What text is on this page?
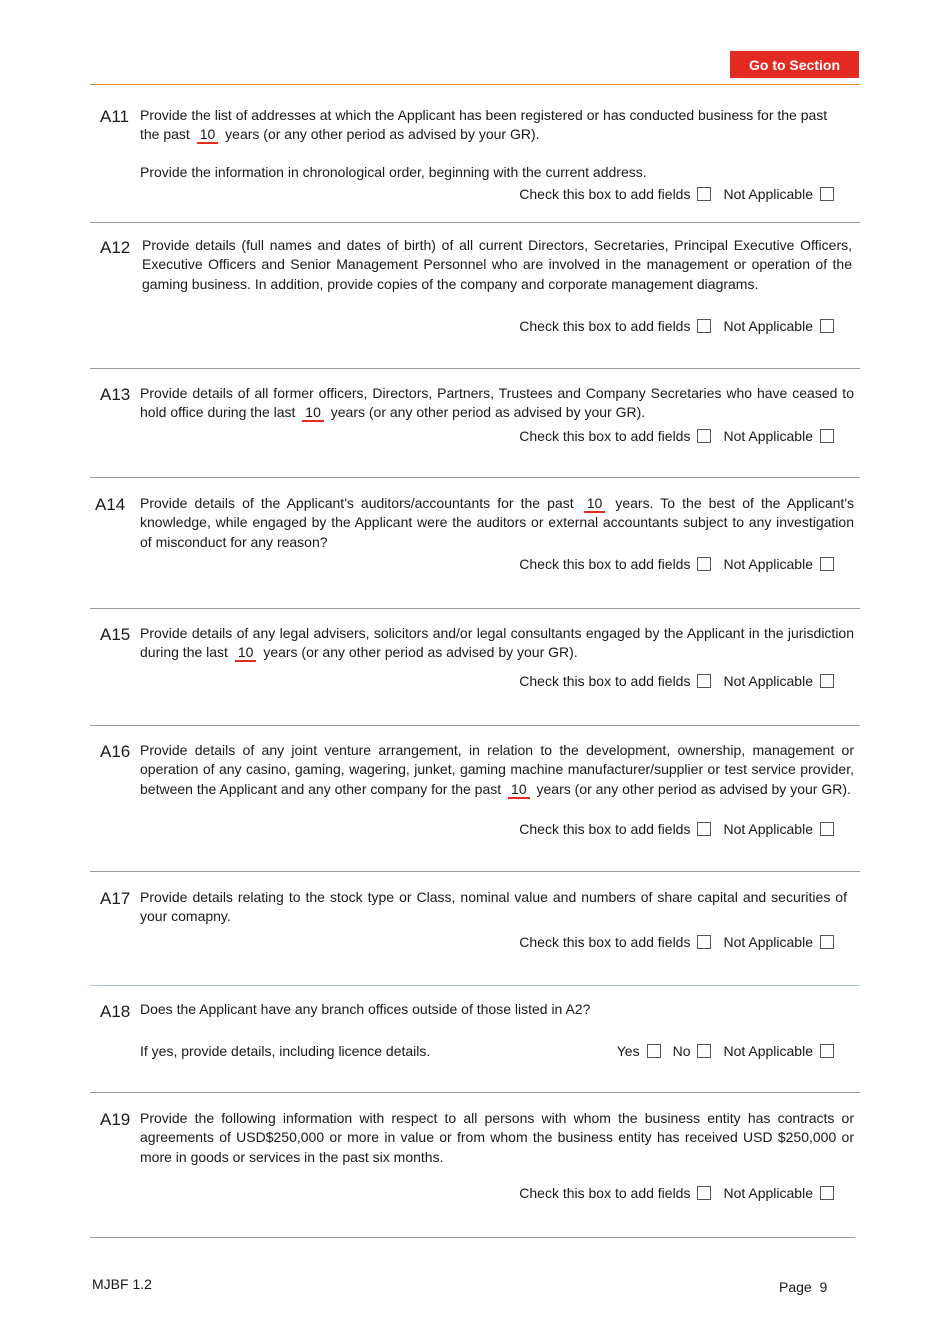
Go to Section
A11 Provide the list of addresses at which the Applicant has been registered or has conducted business for the past
the past 10 years (or any other period as advised by your GR).
Provide the information in chronological order, beginning with the current address.
Check this box to add fields Not Applicable
A12 Provide details (full names and dates of birth) of all current Directors, Secretaries, Principal Executive Officers, Executive Officers and Senior Management Personnel who are involved in the management or operation of the gaming business. In addition, provide copies of the company and corporate management diagrams.
Check this box to add fields Not Applicable
A13 Provide details of all former officers, Directors, Partners, Trustees and Company Secretaries who have ceased to hold office during the last 10 years (or any other period as advised by your GR).
Check this box to add fields Not Applicable
A14 Provide details of the Applicant's auditors/accountants for the past 10 years. To the best of the Applicant's knowledge, while engaged by the Applicant were the auditors or external accountants subject to any investigation of misconduct for any reason?
Check this box to add fields Not Applicable
A15 Provide details of any legal advisers, solicitors and/or legal consultants engaged by the Applicant in the jurisdiction during the last 10 years (or any other period as advised by your GR).
Check this box to add fields Not Applicable
A16 Provide details of any joint venture arrangement, in relation to the development, ownership, management or operation of any casino, gaming, wagering, junket, gaming machine manufacturer/supplier or test service provider, between the Applicant and any other company for the past 10 years (or any other period as advised by your GR).
Check this box to add fields Not Applicable
A17 Provide details relating to the stock type or Class, nominal value and numbers of share capital and securities of your comapny.
Check this box to add fields Not Applicable
A18 Does the Applicant have any branch offices outside of those listed in A2?
If yes, provide details, including licence details.	Yes No Not Applicable
A19 Provide the following information with respect to all persons with whom the business entity has contracts or agreements of USD$250,000 or more in value or from whom the business entity has received USD $250,000 or more in goods or services in the past six months.
Check this box to add fields Not Applicable
MJBF 1.2	Page  9
